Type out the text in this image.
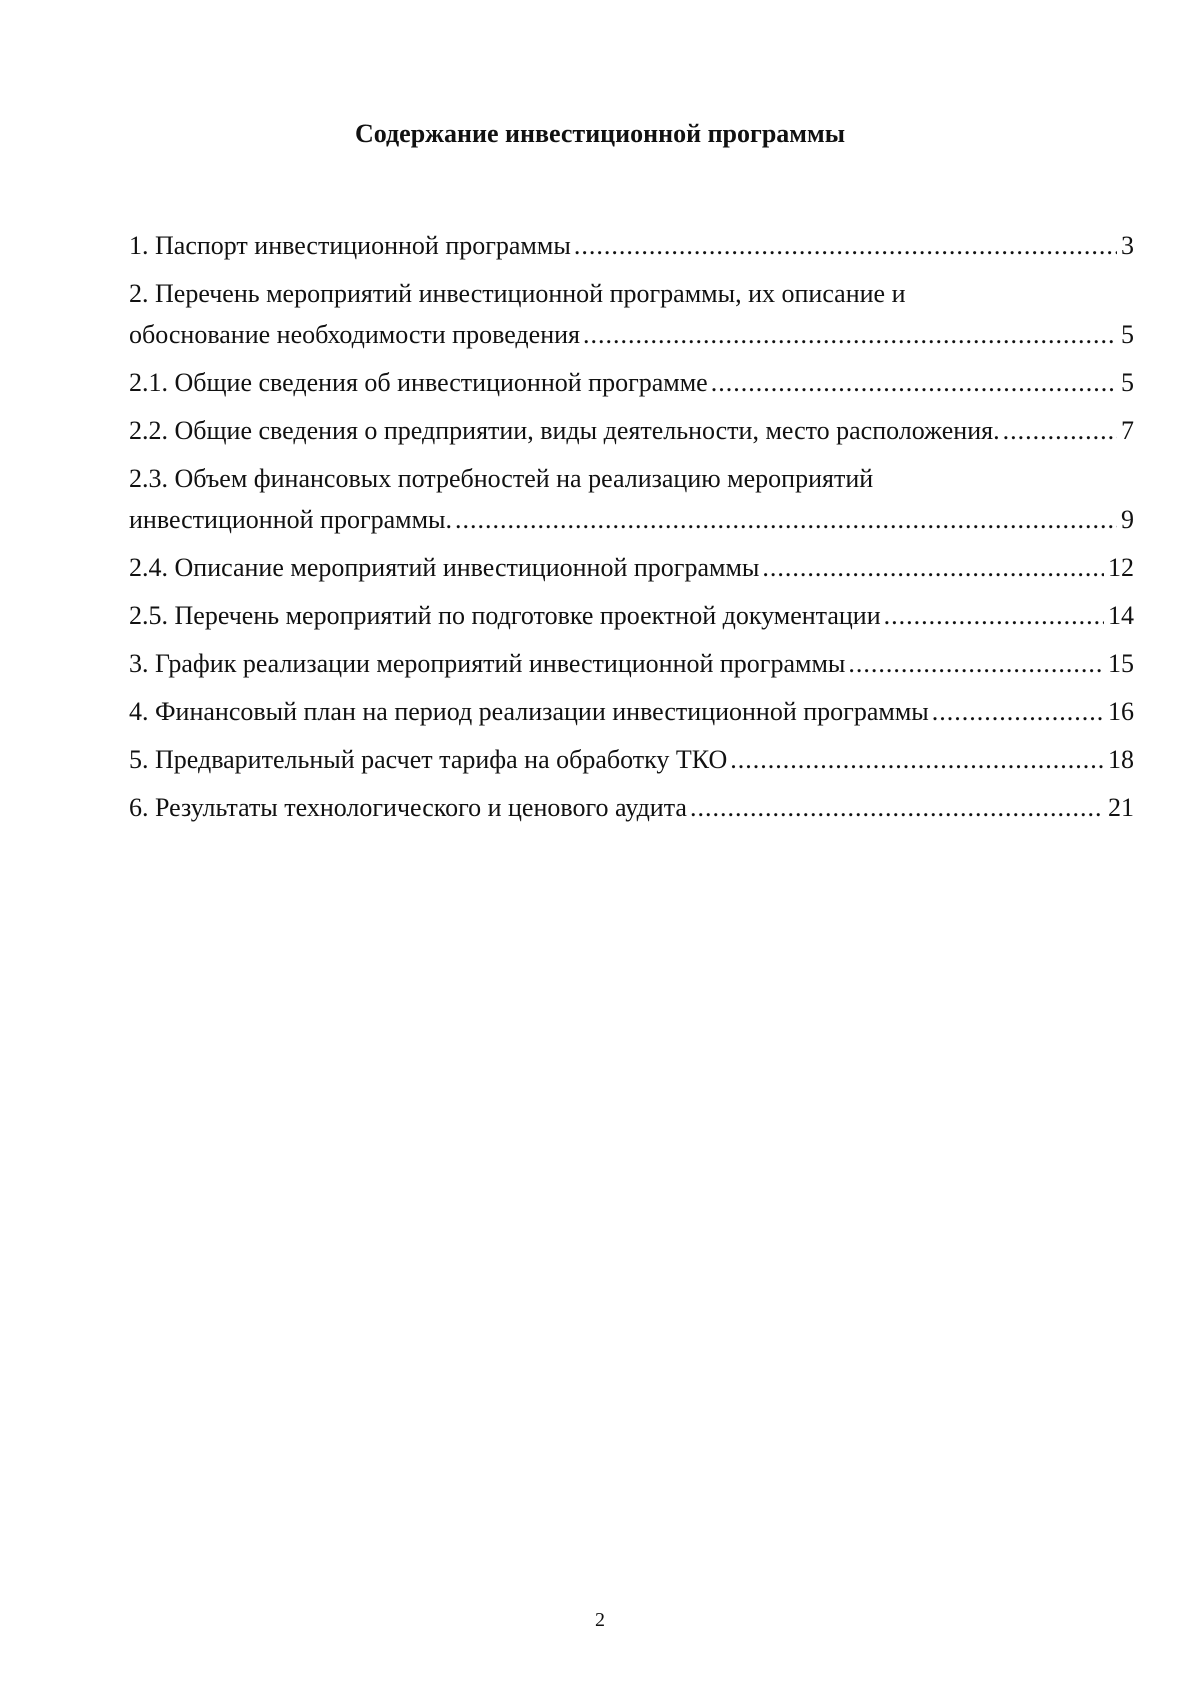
Содержание инвестиционной программы
1. Паспорт инвестиционной программы .....	3
2. Перечень мероприятий инвестиционной программы, их описание и
обоснование необходимости проведения .....	5
2.1. Общие сведения об инвестиционной программе .....	5
2.2. Общие сведения о предприятии, виды деятельности, место расположения. .....	7
2.3. Объем финансовых потребностей на реализацию мероприятий
инвестиционной программы. .....	9
2.4. Описание мероприятий инвестиционной программы .....	12
2.5. Перечень мероприятий по подготовке проектной документации .....	14
3. График реализации мероприятий инвестиционной программы .....	15
4. Финансовый план на период реализации инвестиционной программы .....	16
5. Предварительный расчет тарифа на обработку ТКО .....	18
6. Результаты технологического и ценового аудита .....	21
2
